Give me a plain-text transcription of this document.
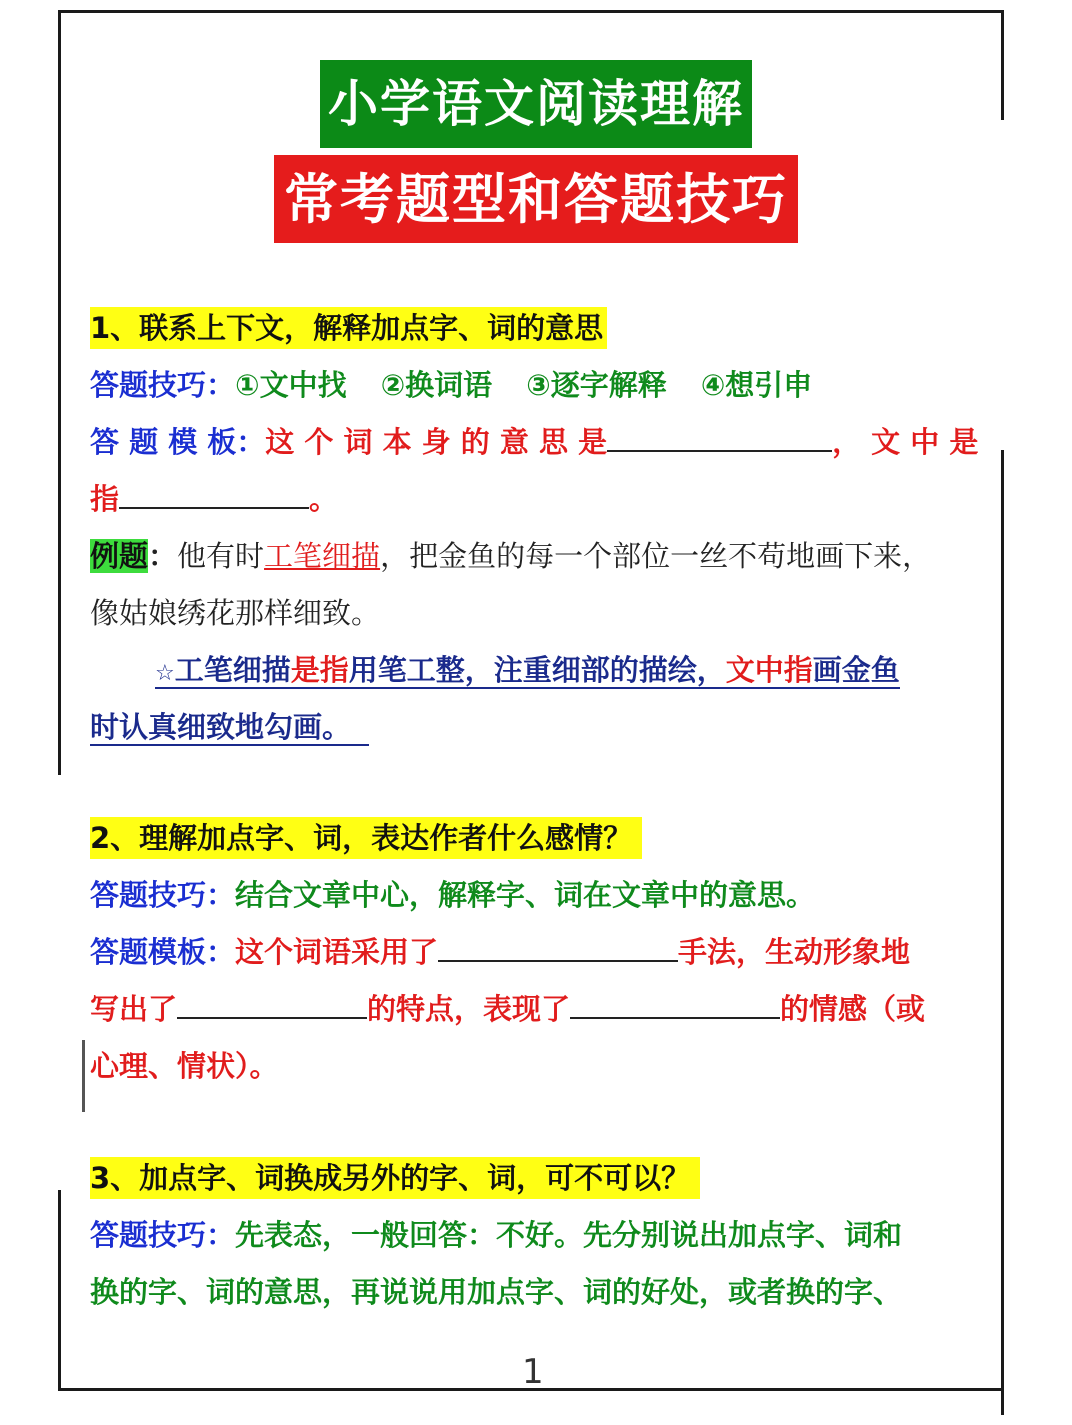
小学语文阅读理解
常考题型和答题技巧
1、联系上下文，解释加点字、词的意思
答题技巧：①文中找 ②换词语 ③逐字解释 ④想引申
答 题 模 板：这 个 词 本 身 的 意 思 是	， 文 中 是
指	。
例题：他有时工笔细描，把金鱼的每一个部位一丝不苟地画下来，
像姑娘绣花那样细致。
☆工笔细描是指用笔工整，注重细部的描绘，文中指画金鱼
时认真细致地勾画。
2、理解加点字、词，表达作者什么感情？
答题技巧：结合文章中心，解释字、词在文章中的意思。
答题模板：这个词语采用了	手法，生动形象地
写出了	的特点，表现了	的情感（或
心理、情状）。
3、加点字、词换成另外的字、词，可不可以？
答题技巧：先表态，一般回答：不好。先分别说出加点字、词和
换的字、词的意思，再说说用加点字、词的好处，或者换的字、
1
